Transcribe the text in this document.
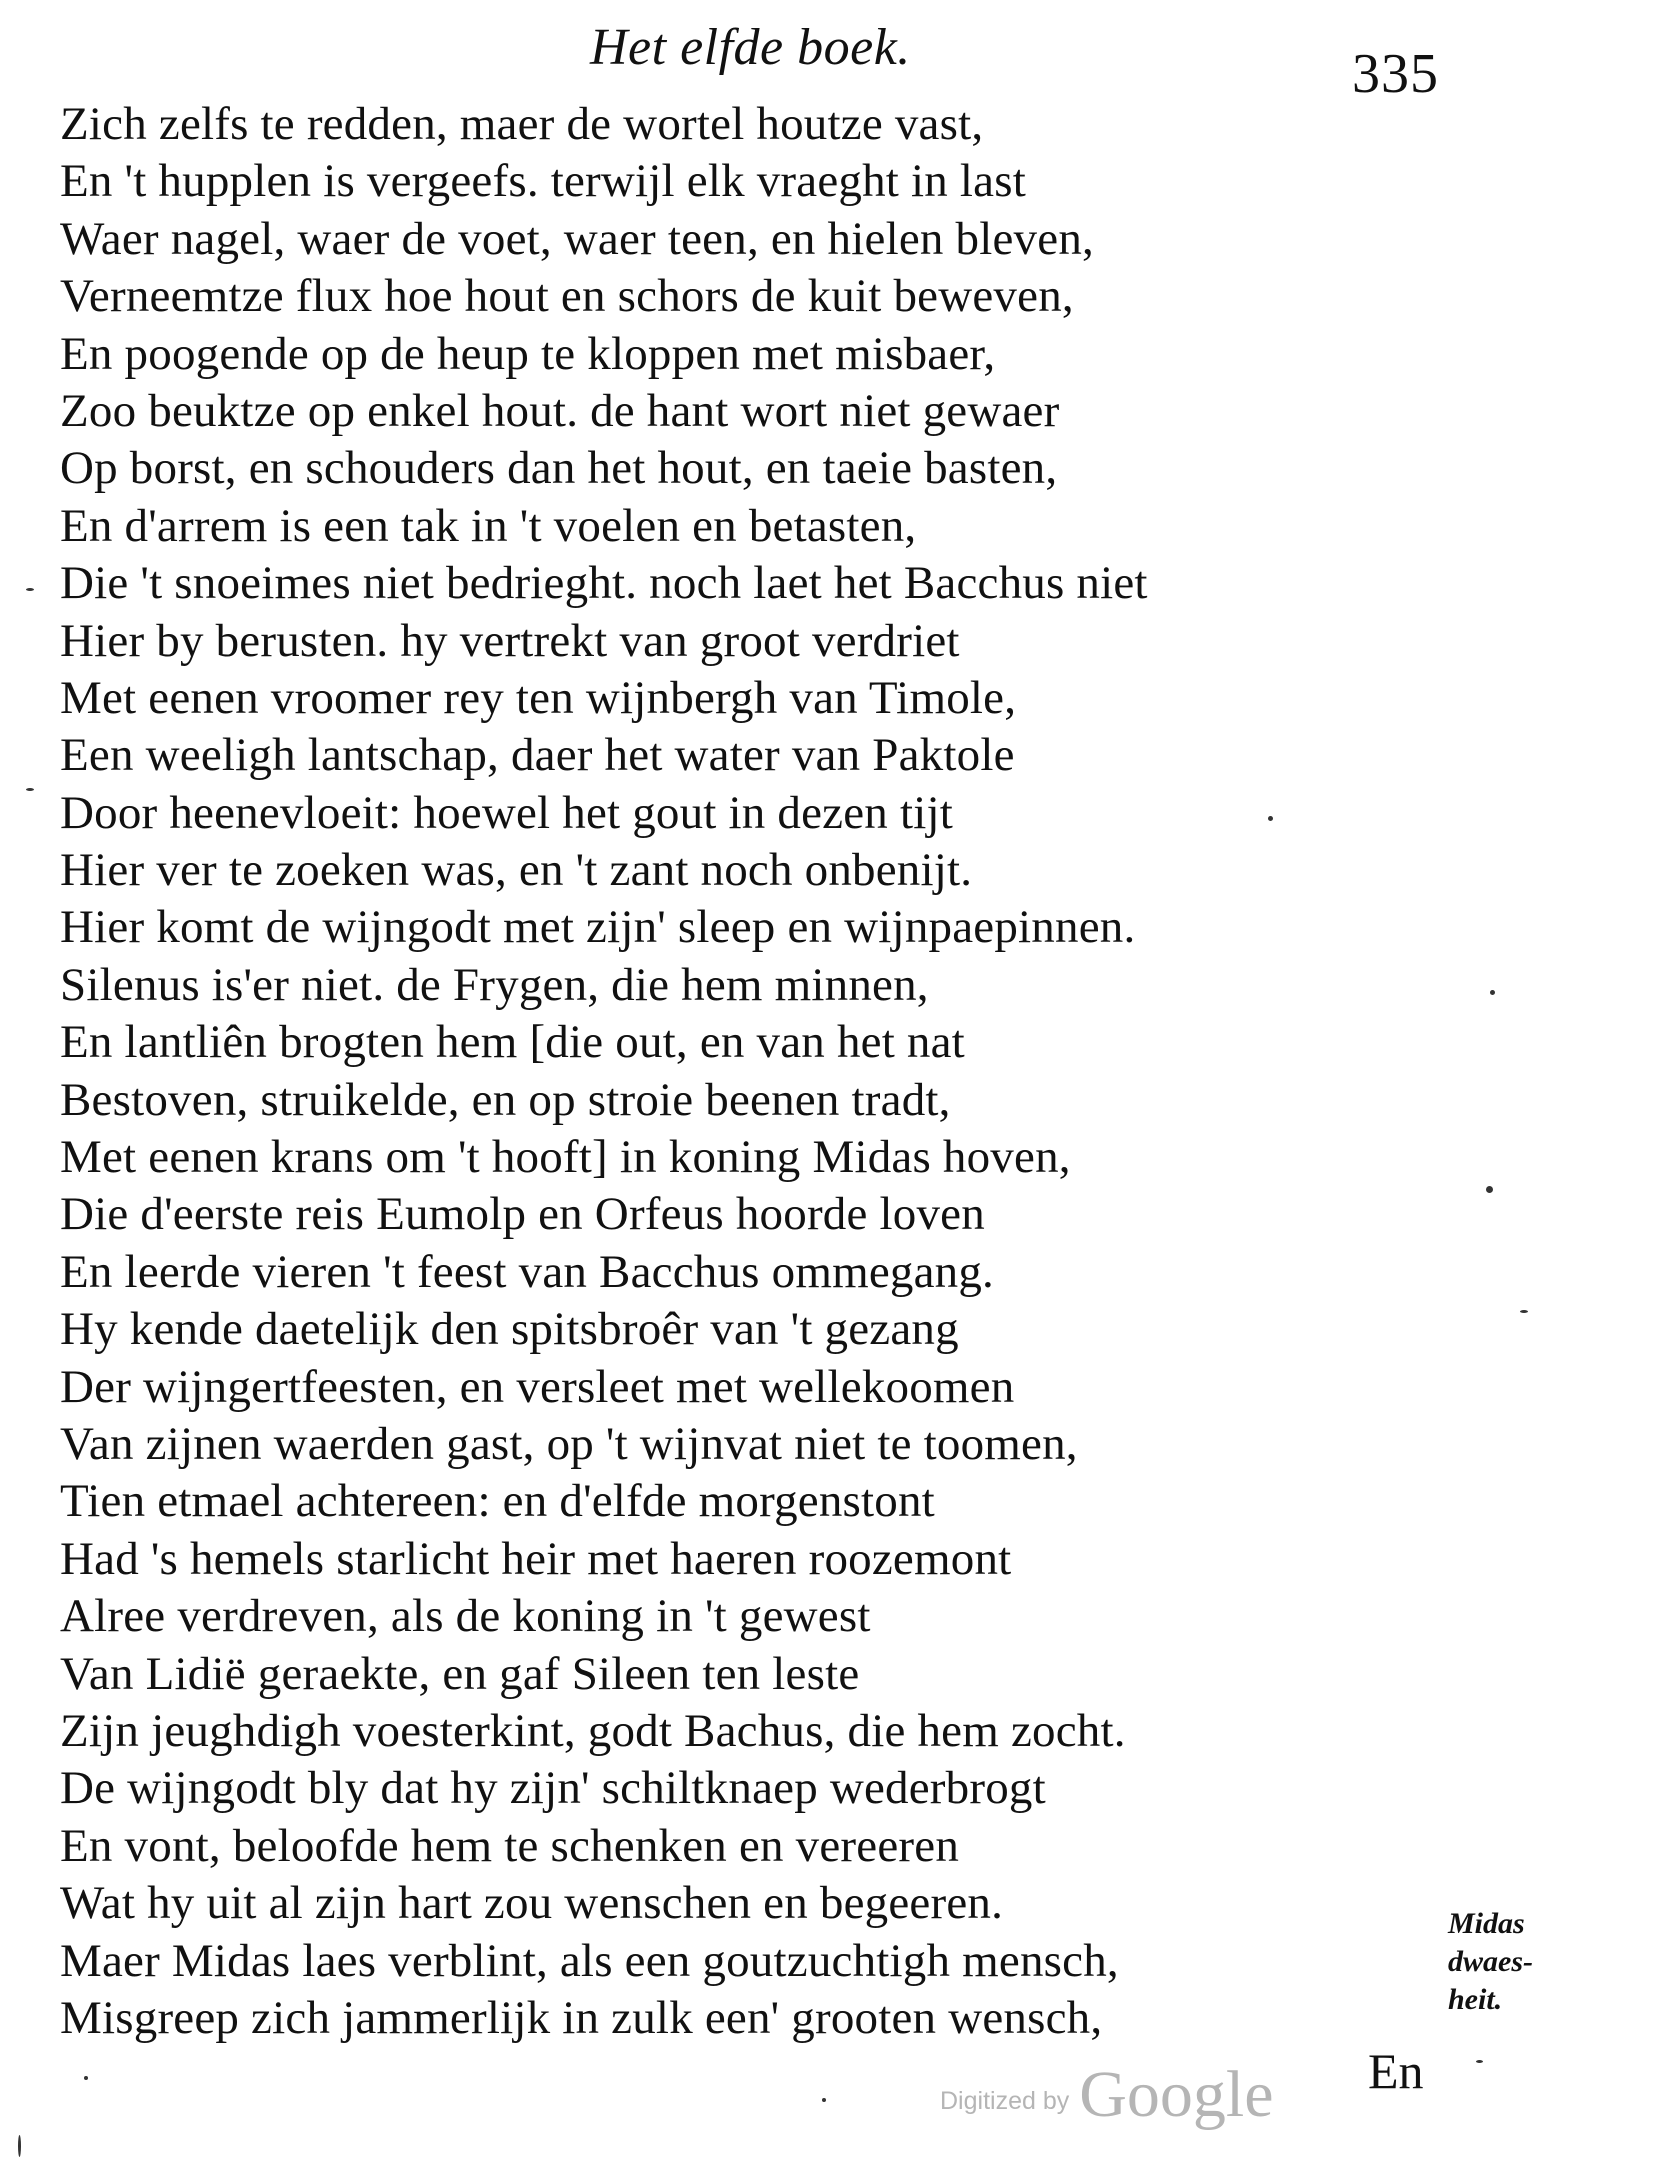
Het elfde boek.	335
Zich zelfs te redden, maer de wortel houtze vast,
En 't hupplen is vergeefs. terwijl elk vraeght in last
Waer nagel, waer de voet, waer teen, en hielen bleven,
Verneemtze flux hoe hout en schors de kuit beweven,
En poogende op de heup te kloppen met misbaer,
Zoo beuktze op enkel hout. de hant wort niet gewaer
Op borst, en schouders dan het hout, en taeie basten,
En d'arrem is een tak in 't voelen en betasten,
Die 't snoeimes niet bedrieght. noch laet het Bacchus niet
Hier by berusten. hy vertrekt van groot verdriet
Met eenen vroomer rey ten wijnbergh van Timole,
Een weeligh lantschap, daer het water van Paktole
Door heenevloeit: hoewel het gout in dezen tijt
Hier ver te zoeken was, en 't zant noch onbenijt.
Hier komt de wijngodt met zijn' sleep en wijnpaepinnen.
Silenus is'er niet. de Frygen, die hem minnen,
En lantliên brogten hem [die out, en van het nat
Bestoven, struikelde, en op stroie beenen tradt,
Met eenen krans om 't hooft] in koning Midas hoven,
Die d'eerste reis Eumolp en Orfeus hoorde loven
En leerde vieren 't feest van Bacchus ommegang.
Hy kende daetelijk den spitsbroêr van 't gezang
Der wijngertfeesten, en versleet met wellekoomen
Van zijnen waerden gast, op 't wijnvat niet te toomen,
Tien etmael achtereen: en d'elfde morgenstont
Had 's hemels starlicht heir met haeren roozemont
Alree verdreven, als de koning in 't gewest
Van Lidië geraekte, en gaf Sileen ten leste
Zijn jeughdigh voesterkint, godt Bachus, die hem zocht.
De wijngodt bly dat hy zijn' schiltknaep wederbrogt
En vont, beloofde hem te schenken en vereeren
Wat hy uit al zijn hart zou wenschen en begeeren.
Maer Midas laes verblint, als een goutzuchtigh mensch,
Misgreep zich jammerlijk in zulk een' grooten wensch,
Midas
dwaes-
heit.
En
Digitized by Google
